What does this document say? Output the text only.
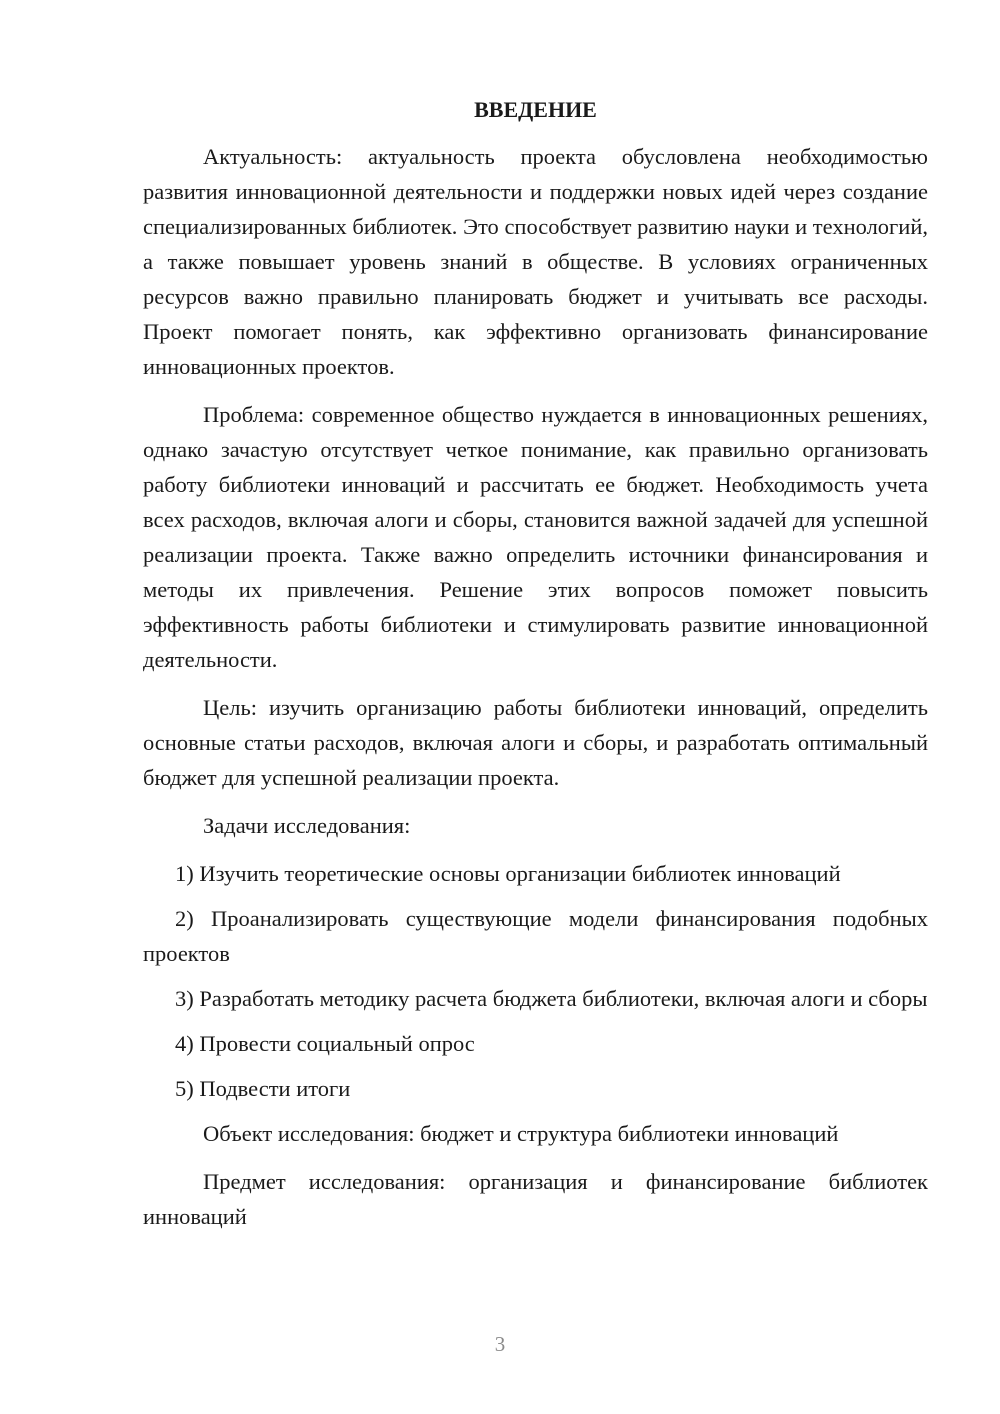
ВВЕДЕНИЕ

Актуальность: актуальность проекта обусловлена необходимостью развития инновационной деятельности и поддержки новых идей через создание специализированных библиотек. Это способствует развитию науки и технологий, а также повышает уровень знаний в обществе. В условиях ограниченных ресурсов важно правильно планировать бюджет и учитывать все расходы. Проект помогает понять, как эффективно организовать финансирование инновационных проектов.

Проблема: современное общество нуждается в инновационных решениях, однако зачастую отсутствует четкое понимание, как правильно организовать работу библиотеки инноваций и рассчитать ее бюджет. Необходимость учета всех расходов, включая алоги и сборы, становится важной задачей для успешной реализации проекта. Также важно определить источники финансирования и методы их привлечения. Решение этих вопросов поможет повысить эффективность работы библиотеки и стимулировать развитие инновационной деятельности.

Цель: изучить организацию работы библиотеки инноваций, определить основные статьи расходов, включая алоги и сборы, и разработать оптимальный бюджет для успешной реализации проекта.

Задачи исследования:

1) Изучить теоретические основы организации библиотек инноваций

2) Проанализировать существующие модели финансирования подобных проектов

3) Разработать методику расчета бюджета библиотеки, включая алоги и сборы

4) Провести социальный опрос

5) Подвести итоги

Объект исследования: бюджет и структура библиотеки инноваций

Предмет исследования: организация и финансирование библиотек инноваций

3
